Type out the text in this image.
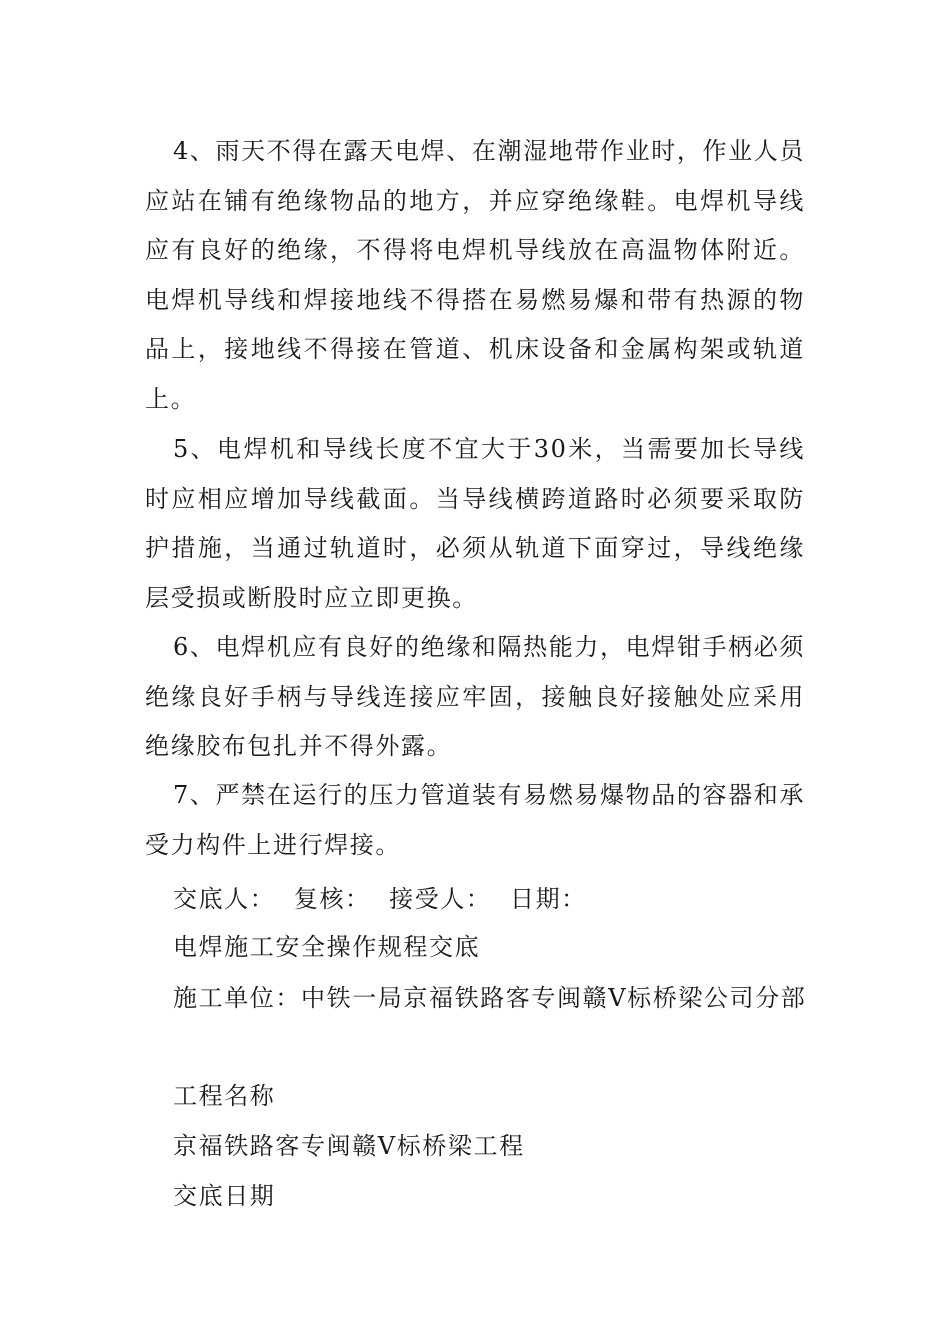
4、雨天不得在露天电焊、在潮湿地带作业时，作业人员应站在铺有绝缘物品的地方，并应穿绝缘鞋。电焊机导线应有良好的绝缘，不得将电焊机导线放在高温物体附近。电焊机导线和焊接地线不得搭在易燃易爆和带有热源的物品上，接地线不得接在管道、机床设备和金属构架或轨道上。

5、电焊机和导线长度不宜大于30米，当需要加长导线时应相应增加导线截面。当导线横跨道路时必须要采取防护措施，当通过轨道时，必须从轨道下面穿过，导线绝缘层受损或断股时应立即更换。

6、电焊机应有良好的绝缘和隔热能力，电焊钳手柄必须绝缘良好手柄与导线连接应牢固，接触良好接触处应采用绝缘胶布包扎并不得外露。

7、严禁在运行的压力管道装有易燃易爆物品的容器和承受力构件上进行焊接。

交底人：  复核：  接受人：  日期：

电焊施工安全操作规程交底

施工单位：中铁一局京福铁路客专闽赣Ⅴ标桥梁公司分部

工程名称

京福铁路客专闽赣Ⅴ标桥梁工程

交底日期
